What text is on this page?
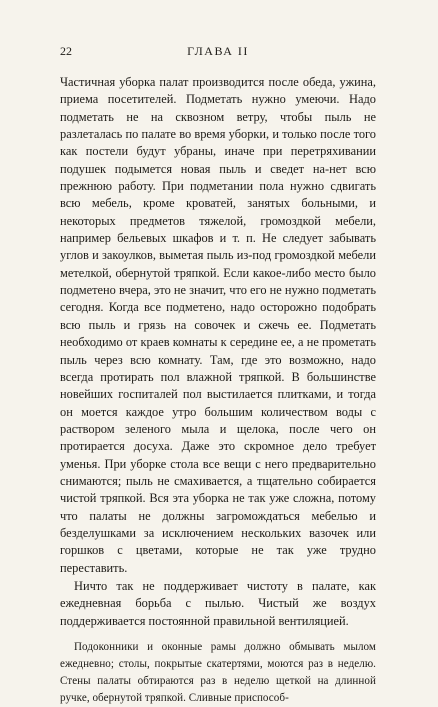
22	ГЛАВА II

Частичная уборка палат производится после обеда, ужина, приема посетителей. Подметать нужно умеючи. Надо подметать не на сквозном ветру, чтобы пыль не разлеталась по палате во время уборки, и только после того как постели будут убраны, иначе при перетряхивании подушек подымется новая пыль и сведет на-нет всю прежнюю работу. При подметании пола нужно сдвигать всю мебель, кроме кроватей, занятых больными, и некоторых предметов тяжелой, громоздкой мебели, например бельевых шкафов и т. п. Не следует забывать углов и закоулков, выметая пыль из-под громоздкой мебели метелкой, обернутой тряпкой. Если какое-либо место было подметено вчера, это не значит, что его не нужно подметать сегодня. Когда все подметено, надо осторожно подобрать всю пыль и грязь на совочек и сжечь ее. Подметать необходимо от краев комнаты к середине ее, а не прометать пыль через всю комнату. Там, где это возможно, надо всегда протирать пол влажной тряпкой. В большинстве новейших госпиталей пол выстилается плитками, и тогда он моется каждое утро большим количеством воды с раствором зеленого мыла и щелока, после чего он протирается досуха. Даже это скромное дело требует уменья. При уборке стола все вещи с него предварительно снимаются; пыль не смахивается, а тщательно собирается чистой тряпкой. Вся эта уборка не так уже сложна, потому что палаты не должны загромождаться мебелью и безделушками за исключением нескольких вазочек или горшков с цветами, которые не так уже трудно переставить.

Ничто так не поддерживает чистоту в палате, как ежедневная борьба с пылью. Чистый же воздух поддерживается постоянной правильной вентиляцией.

Подоконники и оконные рамы должно обмывать мылом ежедневно; столы, покрытые скатертями, моются раз в неделю. Стены палаты обтираются раз в неделю щеткой на длинной ручке, обернутой тряпкой. Сливные приспособ-
